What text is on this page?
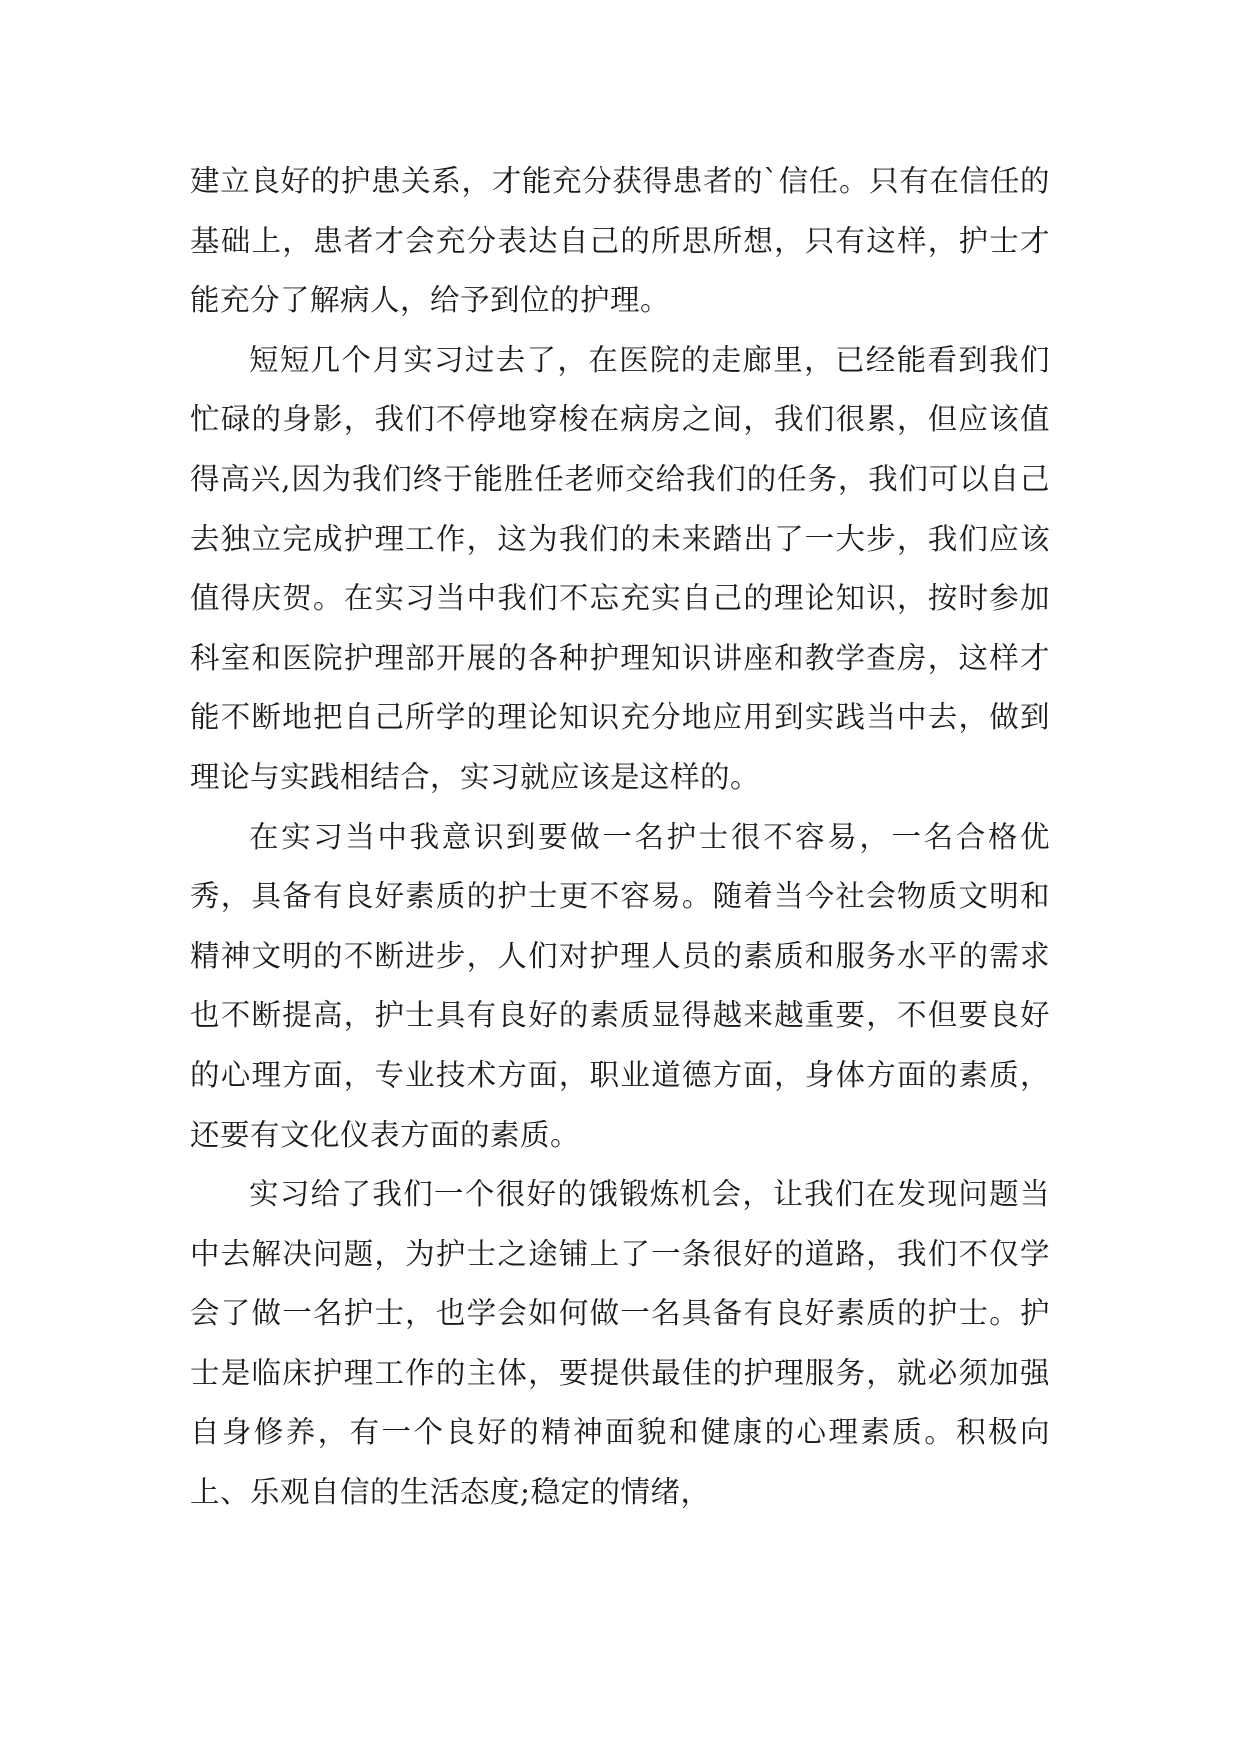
建立良好的护患关系，才能充分获得患者的`信任。只有在信任的基础上，患者才会充分表达自己的所思所想，只有这样，护士才能充分了解病人，给予到位的护理。

短短几个月实习过去了，在医院的走廊里，已经能看到我们忙碌的身影，我们不停地穿梭在病房之间，我们很累，但应该值得高兴,因为我们终于能胜任老师交给我们的任务，我们可以自己去独立完成护理工作，这为我们的未来踏出了一大步，我们应该值得庆贺。在实习当中我们不忘充实自己的理论知识，按时参加科室和医院护理部开展的各种护理知识讲座和教学查房，这样才能不断地把自己所学的理论知识充分地应用到实践当中去，做到理论与实践相结合，实习就应该是这样的。

在实习当中我意识到要做一名护士很不容易，一名合格优秀，具备有良好素质的护士更不容易。随着当今社会物质文明和精神文明的不断进步，人们对护理人员的素质和服务水平的需求也不断提高，护士具有良好的素质显得越来越重要，不但要良好的心理方面，专业技术方面，职业道德方面，身体方面的素质，还要有文化仪表方面的素质。

实习给了我们一个很好的饿锻炼机会，让我们在发现问题当中去解决问题，为护士之途铺上了一条很好的道路，我们不仅学会了做一名护士，也学会如何做一名具备有良好素质的护士。护士是临床护理工作的主体，要提供最佳的护理服务，就必须加强自身修养，有一个良好的精神面貌和健康的心理素质。积极向上、乐观自信的生活态度;稳定的情绪，
